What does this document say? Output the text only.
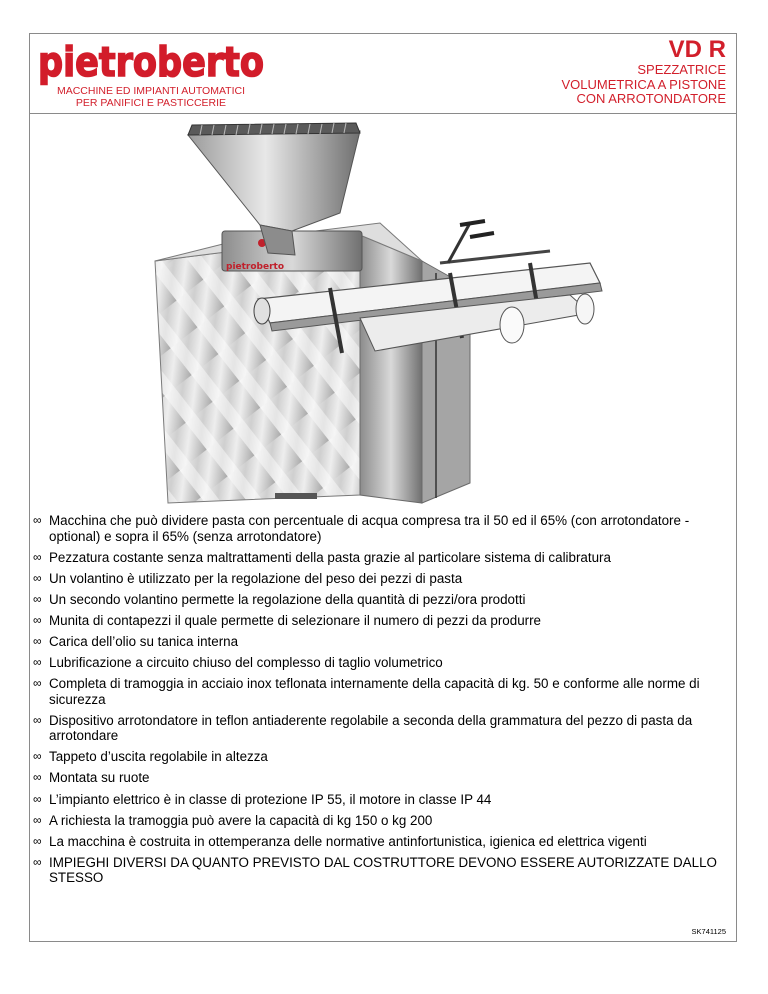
pietroberto
MACCHINE ED IMPIANTI AUTOMATICI
PER PANIFICI E PASTICCERIE
VD R
SPEZZATRICE
VOLUMETRICA A PISTONE
CON ARROTONDATORE
pietroberto
∞ Macchina che può dividere pasta con percentuale di acqua compresa tra il 50 ed il 65% (con arrotondatore - optional) e sopra il 65% (senza arrotondatore)
∞ Pezzatura costante senza maltrattamenti della pasta grazie al particolare sistema di calibratura
∞ Un volantino è utilizzato per la regolazione del peso dei pezzi di pasta
∞ Un secondo volantino permette la regolazione della quantità di pezzi/ora prodotti
∞ Munita di contapezzi il quale permette di selezionare il numero di pezzi da produrre
∞ Carica dell’olio su tanica interna
∞ Lubrificazione a circuito chiuso del complesso di taglio volumetrico
∞ Completa di tramoggia in acciaio inox teflonata internamente della capacità di kg. 50 e conforme alle norme di sicurezza
∞ Dispositivo arrotondatore in teflon antiaderente regolabile a seconda della grammatura del pezzo di pasta da arrotondare
∞ Tappeto d’uscita regolabile in altezza
∞ Montata su ruote
∞ L’impianto elettrico è in classe di protezione IP 55, il motore in classe IP 44
∞ A richiesta la tramoggia può avere la capacità di kg 150 o kg 200
∞ La macchina è costruita in ottemperanza delle normative antinfortunistica, igienica ed elettrica vigenti
∞ IMPIEGHI DIVERSI DA QUANTO PREVISTO DAL COSTRUTTORE DEVONO ESSERE AUTORIZZATE DALLO STESSO
SK741125
